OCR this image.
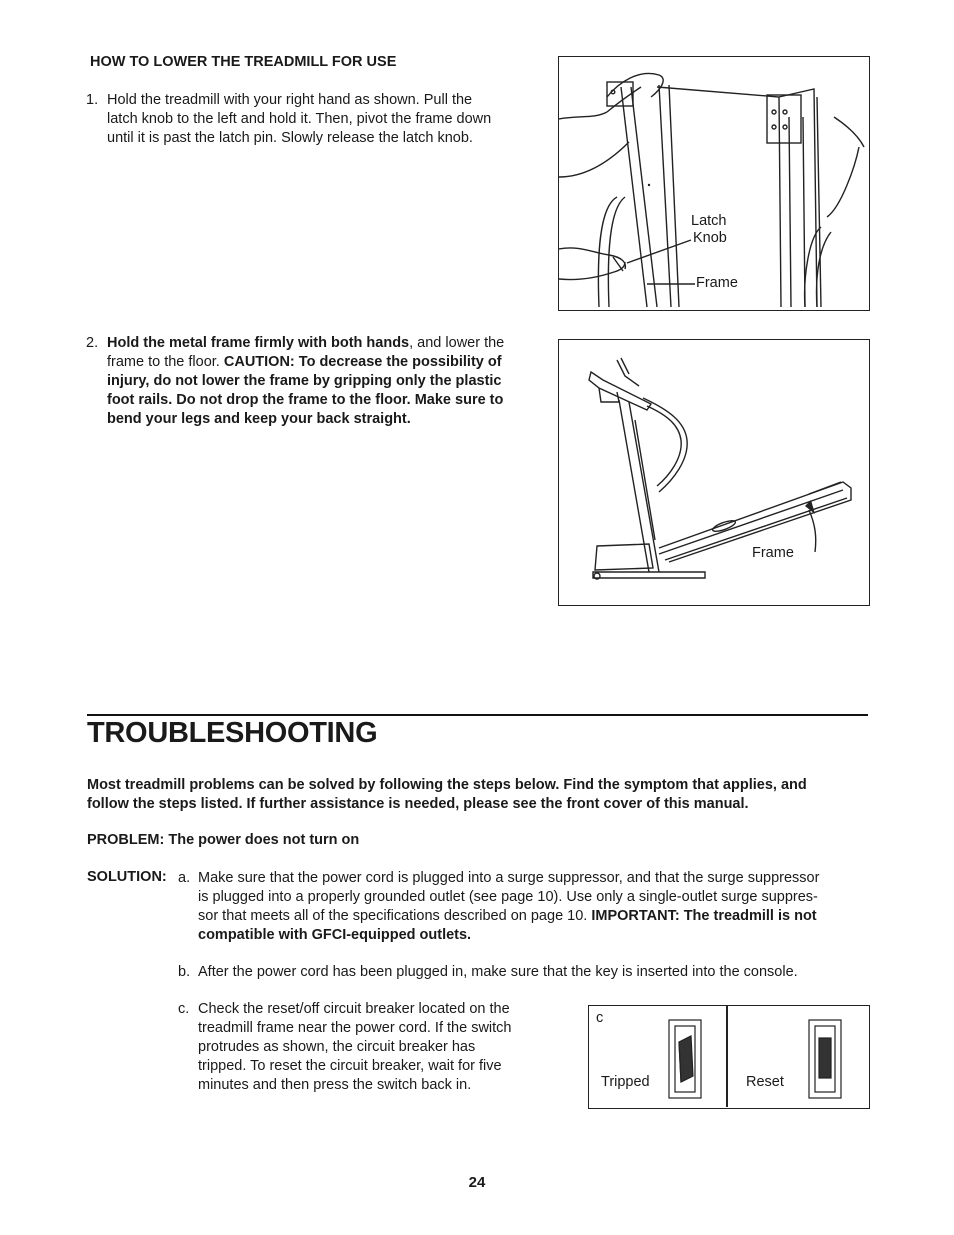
HOW TO LOWER THE TREADMILL FOR USE
1. Hold the treadmill with your right hand as shown. Pull the
latch knob to the left and hold it. Then, pivot the frame down
until it is past the latch pin. Slowly release the latch knob.
Latch
Knob
Frame
2. Hold the metal frame firmly with both hands, and lower the
frame to the floor. CAUTION: To decrease the possibility of
injury, do not lower the frame by gripping only the plastic
foot rails. Do not drop the frame to the floor. Make sure to
bend your legs and keep your back straight.
Frame
TROUBLESHOOTING
Most treadmill problems can be solved by following the steps below. Find the symptom that applies, and
follow the steps listed. If further assistance is needed, please see the front cover of this manual.
PROBLEM: The power does not turn on
SOLUTION: a. Make sure that the power cord is plugged into a surge suppressor, and that the surge suppressor
is plugged into a properly grounded outlet (see page 10). Use only a single-outlet surge suppres-
sor that meets all of the specifications described on page 10. IMPORTANT: The treadmill is not
compatible with GFCI-equipped outlets.
b. After the power cord has been plugged in, make sure that the key is inserted into the console.
c. Check the reset/off circuit breaker located on the
treadmill frame near the power cord. If the switch
protrudes as shown, the circuit breaker has
tripped. To reset the circuit breaker, wait for five
minutes and then press the switch back in.
c
Tripped	Reset
24
